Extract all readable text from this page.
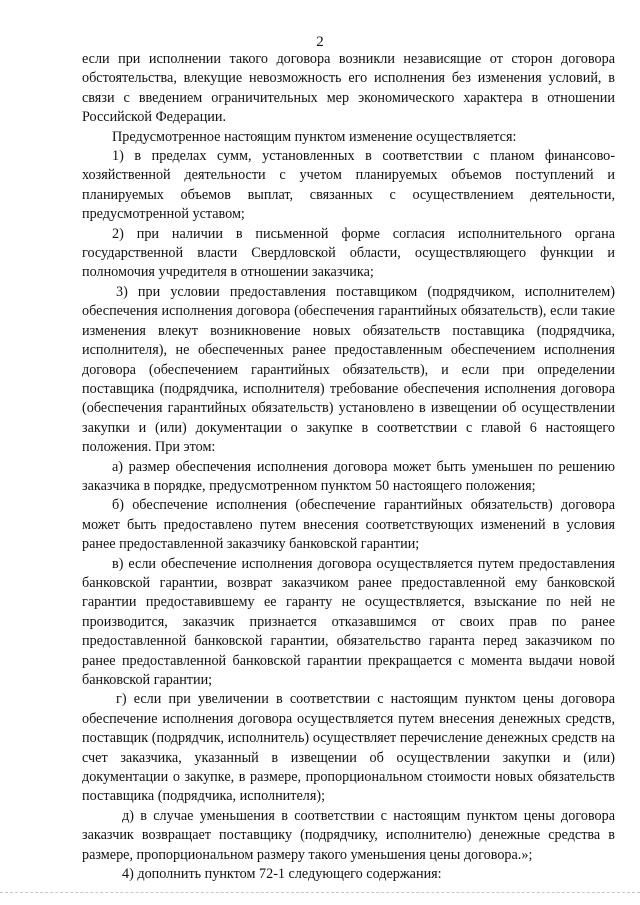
2

если при исполнении такого договора возникли независящие от сторон договора обстоятельства, влекущие невозможность его исполнения без изменения условий, в связи с введением ограничительных мер экономического характера в отношении Российской Федерации.

Предусмотренное настоящим пунктом изменение осуществляется:

1) в пределах сумм, установленных в соответствии с планом финансово-хозяйственной деятельности с учетом планируемых объемов поступлений и планируемых объемов выплат, связанных с осуществлением деятельности, предусмотренной уставом;

2) при наличии в письменной форме согласия исполнительного органа государственной власти Свердловской области, осуществляющего функции и полномочия учредителя в отношении заказчика;

3) при условии предоставления поставщиком (подрядчиком, исполнителем) обеспечения исполнения договора (обеспечения гарантийных обязательств), если такие изменения влекут возникновение новых обязательств поставщика (подрядчика, исполнителя), не обеспеченных ранее предоставленным обеспечением исполнения договора (обеспечением гарантийных обязательств), и если при определении поставщика (подрядчика, исполнителя) требование обеспечения исполнения договора (обеспечения гарантийных обязательств) установлено в извещении об осуществлении закупки и (или) документации о закупке в соответствии с главой 6 настоящего положения. При этом:

а) размер обеспечения исполнения договора может быть уменьшен по решению заказчика в порядке, предусмотренном пунктом 50 настоящего положения;

б) обеспечение исполнения (обеспечение гарантийных обязательств) договора может быть предоставлено путем внесения соответствующих изменений в условия ранее предоставленной заказчику банковской гарантии;

в) если обеспечение исполнения договора осуществляется путем предоставления банковской гарантии, возврат заказчиком ранее предоставленной ему банковской гарантии предоставившему ее гаранту не осуществляется, взыскание по ней не производится, заказчик признается отказавшимся от своих прав по ранее предоставленной банковской гарантии, обязательство гаранта перед заказчиком по ранее предоставленной банковской гарантии прекращается с момента выдачи новой банковской гарантии;

г) если при увеличении в соответствии с настоящим пунктом цены договора обеспечение исполнения договора осуществляется путем внесения денежных средств, поставщик (подрядчик, исполнитель) осуществляет перечисление денежных средств на счет заказчика, указанный в извещении об осуществлении закупки и (или) документации о закупке, в размере, пропорциональном стоимости новых обязательств поставщика (подрядчика, исполнителя);

д) в случае уменьшения в соответствии с настоящим пунктом цены договора заказчик возвращает поставщику (подрядчику, исполнителю) денежные средства в размере, пропорциональном размеру такого уменьшения цены договора.»;

4) дополнить пунктом 72-1 следующего содержания:
